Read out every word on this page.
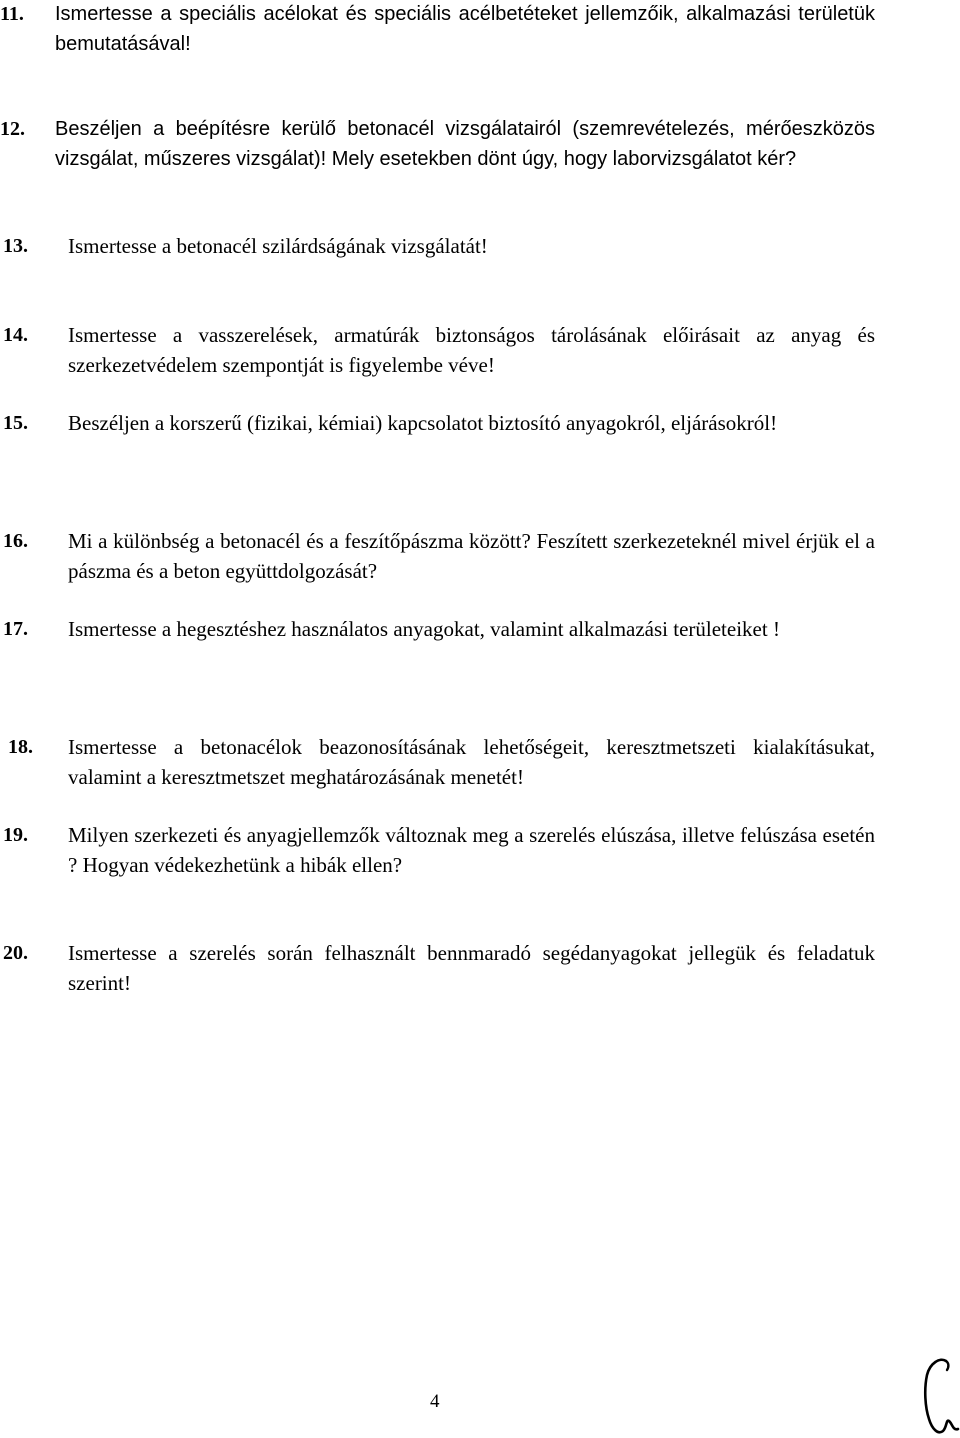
11. Ismertesse a speciális acélokat és speciális acélbetéteket jellemzőik, alkalmazási területük bemutatásával!
12. Beszéljen a beépítésre kerülő betonacél vizsgálatairól (szemrevételezés, mérőeszközös vizsgálat, műszeres vizsgálat)! Mely esetekben dönt úgy, hogy laborvizsgálatot kér?
13. Ismertesse a betonacél szilárdságának vizsgálatát!
14. Ismertesse a vasszerelések, armatúrák biztonságos tárolásának előirásait az anyag és szerkezetvédelem szempontját is figyelembe véve!
15. Beszéljen a korszerű (fizikai, kémiai) kapcsolatot biztosító anyagokról, eljárásokról!
16. Mi a különbség a betonacél és a feszítőpászma között? Feszített szerkezeteknél mivel érjük el a pászma és a beton együttdolgozását?
17. Ismertesse a hegesztéshez használatos anyagokat, valamint alkalmazási területeiket !
18. Ismertesse a betonacélok beazonosításának lehetőségeit, keresztmetszeti kialakításukat, valamint a keresztmetszet meghatározásának menetét!
19. Milyen szerkezeti és anyagjellemzők változnak meg a szerelés elúszása, illetve felúszása esetén ? Hogyan védekezhetünk a hibák ellen?
20. Ismertesse a szerelés során felhasznált bennmaradó segédanyagokat jellegük és feladatuk szerint!
4
